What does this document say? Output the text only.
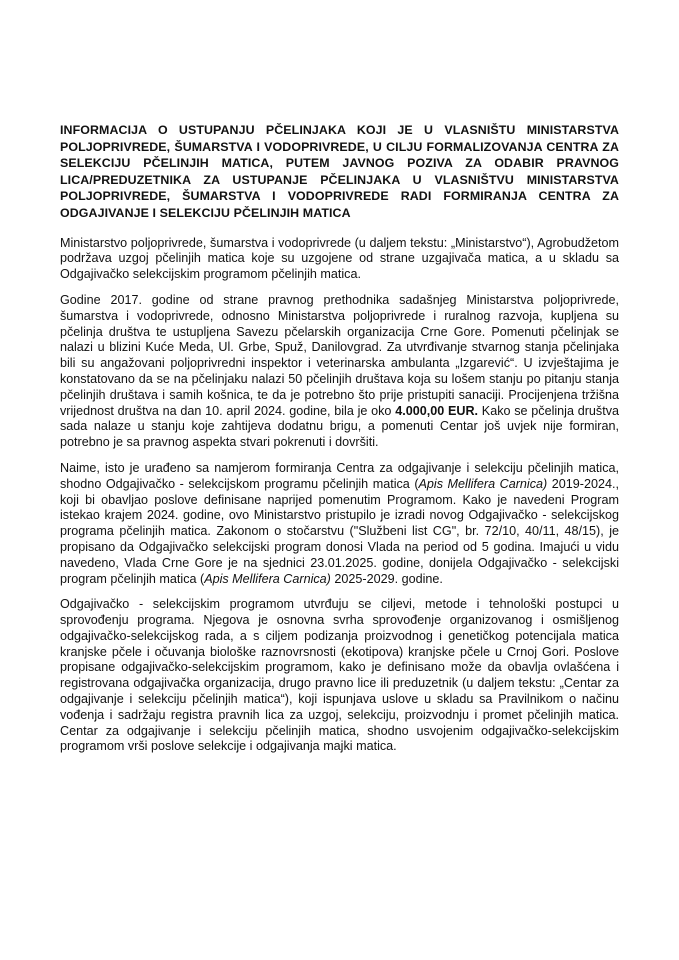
INFORMACIJA O USTUPANJU PČELINJAKA KOJI JE U VLASNIŠTU MINISTARSTVA POLJOPRIVREDE, ŠUMARSTVA I VODOPRIVREDE, U CILJU FORMALIZOVANJA CENTRA ZA SELEKCIJU PČELINJIH MATICA, PUTEM JAVNOG POZIVA ZA ODABIR PRAVNOG LICA/PREDUZETNIKA ZA USTUPANJE PČELINJAKA U VLASNIŠTVU MINISTARSTVA POLJOPRIVREDE, ŠUMARSTVA I VODOPRIVREDE RADI FORMIRANJA CENTRA ZA ODGAJIVANJE I SELEKCIJU PČELINJIH MATICA

Ministarstvo poljoprivrede, šumarstva i vodoprivrede (u daljem tekstu: „Ministarstvo“), Agrobudžetom podržava uzgoj pčelinjih matica koje su uzgojene od strane uzgajivača matica, a u skladu sa Odgajivačko selekcijskim programom pčelinjih matica.

Godine 2017. godine od strane pravnog prethodnika sadašnjeg Ministarstva poljoprivrede, šumarstva i vodoprivrede, odnosno Ministarstva poljoprivrede i ruralnog razvoja, kupljena su pčelinja društva te ustupljena Savezu pčelarskih organizacija Crne Gore. Pomenuti pčelinjak se nalazi u blizini Kuće Meda, Ul. Grbe, Spuž, Danilovgrad. Za utvrđivanje stvarnog stanja pčelinjaka bili su angažovani poljoprivredni inspektor i veterinarska ambulanta „Izgarević“. U izvještajima je konstatovano da se na pčelinjaku nalazi 50 pčelinjih društava koja su lošem stanju po pitanju stanja pčelinjih društava i samih košnica, te da je potrebno što prije pristupiti sanaciji. Procijenjena tržišna vrijednost društva na dan 10. april 2024. godine, bila je oko 4.000,00 EUR. Kako se pčelinja društva sada nalaze u stanju koje zahtijeva dodatnu brigu, a pomenuti Centar još uvjek nije formiran, potrebno je sa pravnog aspekta stvari pokrenuti i dovršiti.

Naime, isto je urađeno sa namjerom formiranja Centra za odgajivanje i selekciju pčelinjih matica, shodno Odgajivačko - selekcijskom programu pčelinjih matica (Apis Mellifera Carnica) 2019-2024., koji bi obavljao poslove definisane naprijed pomenutim Programom. Kako je navedeni Program istekao krajem 2024. godine, ovo Ministarstvo pristupilo je izradi novog Odgajivačko - selekcijskog programa pčelinjih matica. Zakonom o stočarstvu ("Službeni list CG", br. 72/10, 40/11, 48/15), je propisano da Odgajivačko selekcijski program donosi Vlada na period od 5 godina. Imajući u vidu navedeno, Vlada Crne Gore je na sjednici 23.01.2025. godine, donijela Odgajivačko - selekcijski program pčelinjih matica (Apis Mellifera Carnica) 2025-2029. godine.

Odgajivačko - selekcijskim programom utvrđuju se ciljevi, metode i tehnološki postupci u sprovođenju programa. Njegova je osnovna svrha sprovođenje organizovanog i osmišljenog odgajivačko-selekcijskog rada, a s ciljem podizanja proizvodnog i genetičkog potencijala matica kranjske pčele i očuvanja biološke raznovrsnosti (ekotipova) kranjske pčele u Crnoj Gori. Poslove propisane odgajivačko-selekcijskim programom, kako je definisano može da obavlja ovlašćena i registrovana odgajivačka organizacija, drugo pravno lice ili preduzetnik (u daljem tekstu: „Centar za odgajivanje i selekciju pčelinjih matica“), koji ispunjava uslove u skladu sa Pravilnikom o načinu vođenja i sadržaju registra pravnih lica za uzgoj, selekciju, proizvodnju i promet pčelinjih matica. Centar za odgajivanje i selekciju pčelinjih matica, shodno usvojenim odgajivačko-selekcijskim programom vrši poslove selekcije i odgajivanja majki matica.
